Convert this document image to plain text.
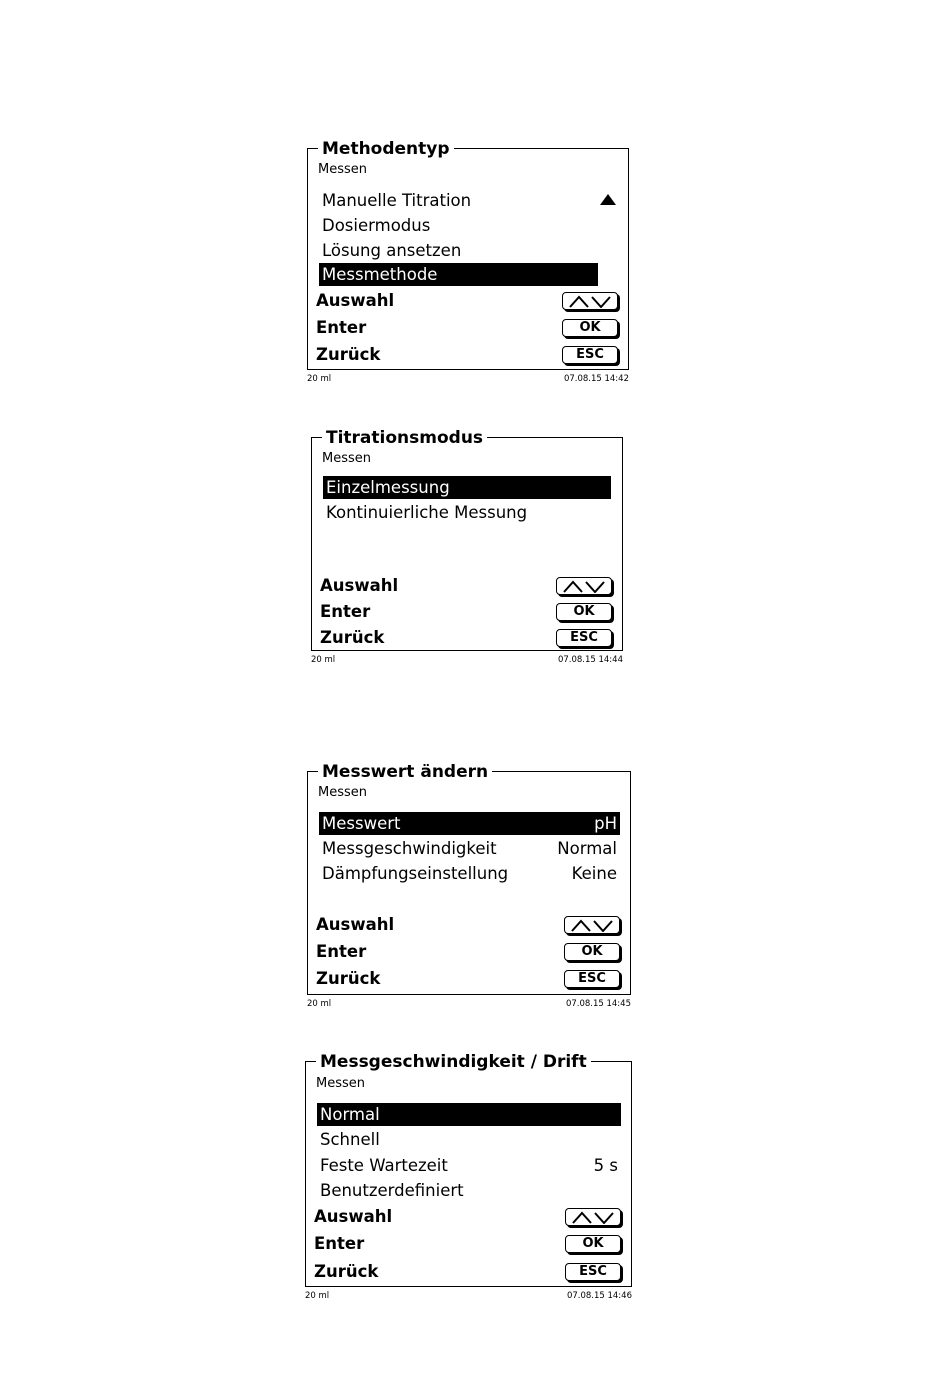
Methodentyp
Messen
Manuelle Titration
Dosiermodus
Lösung ansetzen
Messmethode
Auswahl
Enter	OK
Zurück	ESC
20 ml	07.08.15 14:42
Titrationsmodus
Messen
Einzelmessung
Kontinuierliche Messung
Auswahl
Enter	OK
Zurück	ESC
20 ml	07.08.15 14:44
Messwert ändern
Messen
Messwert	pH
Messgeschwindigkeit	Normal
Dämpfungseinstellung	Keine
Auswahl
Enter	OK
Zurück	ESC
20 ml	07.08.15 14:45
Messgeschwindigkeit / Drift
Messen
Normal
Schnell
Feste Wartezeit	5 s
Benutzerdefiniert
Auswahl
Enter	OK
Zurück	ESC
20 ml	07.08.15 14:46
